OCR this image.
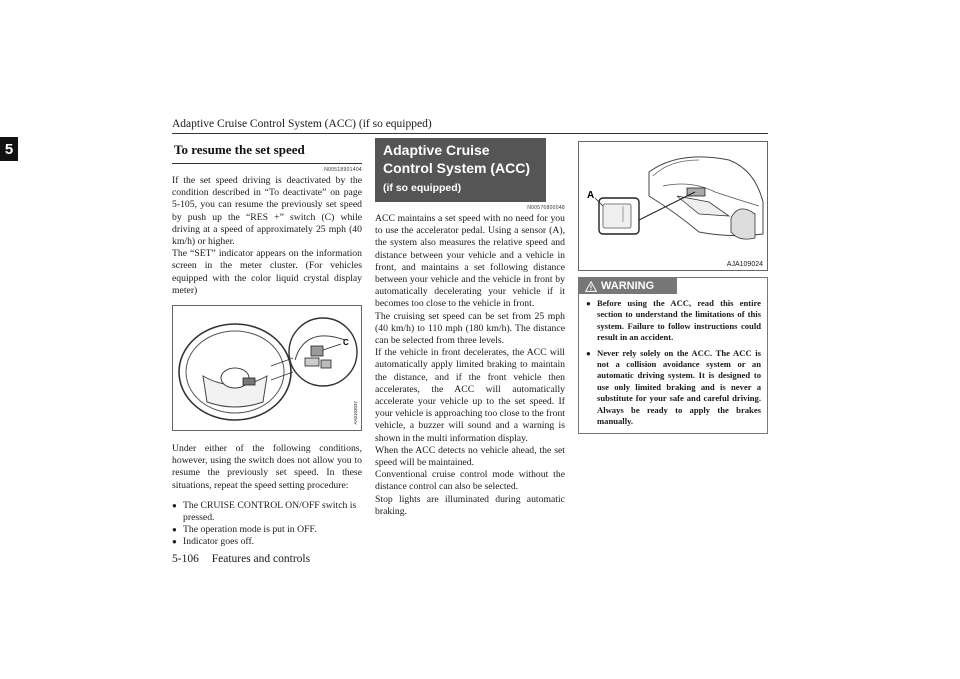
Adaptive Cruise Control System (ACC) (if so equipped)
5	To resume the set speed
N00518901404

If the set speed driving is deactivated by the condition described in “To deactivate” on page 5-105, you can resume the previously set speed by push up the “RES +” switch (C) while driving at a speed of approximately 25 mph (40 km/h) or higher.

The “SET” indicator appears on the information screen in the meter cluster. (For vehicles equipped with the color liquid crystal display meter)

C
AA0103037

Under either of the following conditions, however, using the switch does not allow you to resume the previously set speed. In these situations, repeat the speed setting procedure:

● The CRUISE CONTROL ON/OFF switch is pressed.
● The operation mode is put in OFF.
● Indicator goes off.
Adaptive Cruise Control System (ACC) (if so equipped)
N00576800048

ACC maintains a set speed with no need for you to use the accelerator pedal. Using a sensor (A), the system also measures the relative speed and distance between your vehicle and a vehicle in front, and maintains a set following distance between your vehicle and the vehicle in front by automatically decelerating your vehicle if it becomes too close to the vehicle in front.

The cruising set speed can be set from 25 mph (40 km/h) to 110 mph (180 km/h). The distance can be selected from three levels.

If the vehicle in front decelerates, the ACC will automatically apply limited braking to maintain the distance, and if the front vehicle then accelerates, the ACC will automatically accelerate your vehicle up to the set speed. If your vehicle is approaching too close to the front vehicle, a buzzer will sound and a warning is shown in the multi information display.

When the ACC detects no vehicle ahead, the set speed will be maintained.

Conventional cruise control mode without the distance control can also be selected.

Stop lights are illuminated during automatic braking.

A
AJA109024
WARNING
● Before using the ACC, read this entire section to understand the limitations of this system. Failure to follow instructions could result in an accident.
● Never rely solely on the ACC. The ACC is not a collision avoidance system or an automatic driving system. It is designed to use only limited braking and is never a substitute for your safe and careful driving. Always be ready to apply the brakes manually.
5-106 Features and controls
